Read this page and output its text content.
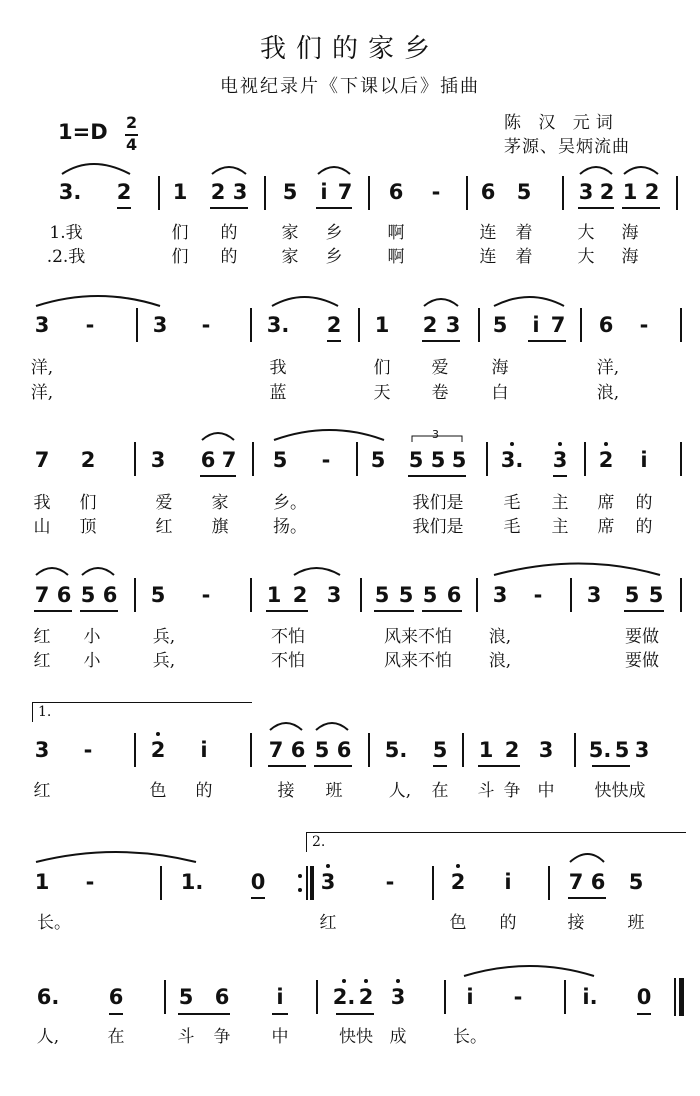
我们的家乡
电视纪录片《下课以后》插曲
1=D 2
4
陈 汉 元词
茅源、吴炳流曲
3. 2 1 2 3 5 i 7 6 - 6 5 3 2 1 2
1.我	们 的	家 乡	啊	连 着	大 海
.2.我	们 的	家 乡	啊	连 着	大 海
3 -	3 -	3. 2 1 2 3 5 i 7 6 -
洋,	我	们 爱	海	洋,
洋,	蓝	天 卷	白	浪,
7 2	3 6 7 5 - 5 5 5 5 3. 3 2 i
3
我 们	爱 家	乡。	我们是 毛 主 席 的
山 顶	红 旗	扬。	我们是 毛 主 席 的
7 6 5 6 5 -	1 2 3 5 5 5 6 3 - 3 5 5
红 小	兵,	不怕	风来不怕 浪,	要做
红 小	兵,	不怕	风来不怕 浪,	要做
1.
3 -	2 i	7 6 5 6 5. 5 1 2 3 5. 5 3
红	色 的	接 班	人, 在 斗 争 中 快快成
1 -	1. 0	3 -	2 i	7 6 5
2.
长。	红	色 的	接	班
6. 6	5 6 i 2. 2 3	i -	i. 0
人,	在	斗 争 中	快快 成	长。
